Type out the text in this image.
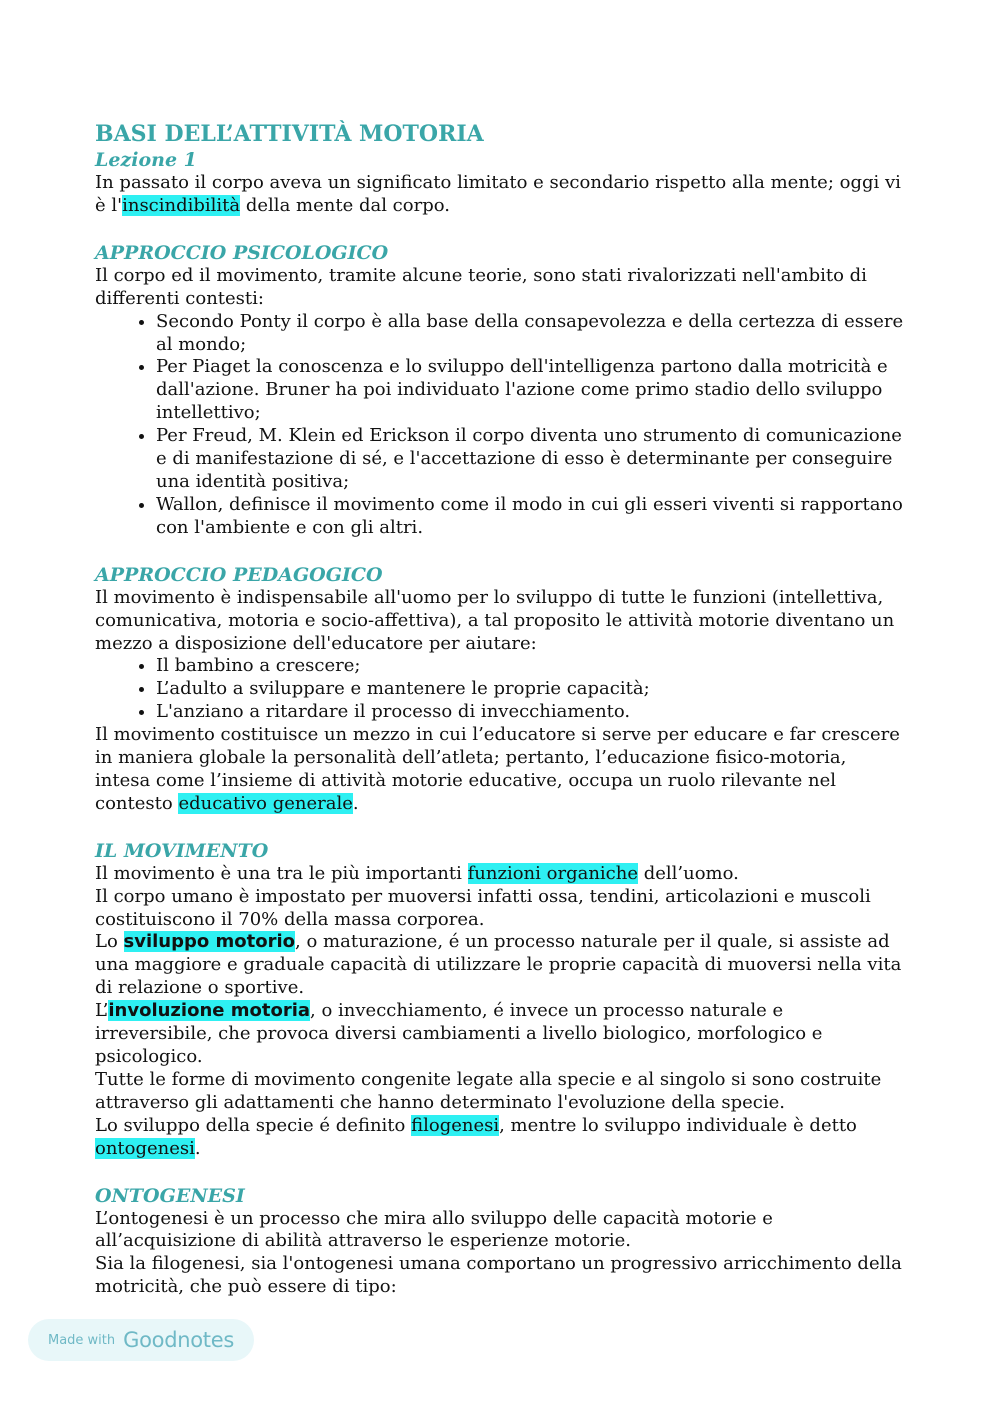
BASI DELL’ATTIVITÀ MOTORIA
Lezione 1

In passato il corpo aveva un significato limitato e secondario rispetto alla mente; oggi vi è l'inscindibilità della mente dal corpo.

APPROCCIO PSICOLOGICO

Il corpo ed il movimento, tramite alcune teorie, sono stati rivalorizzati nell'ambito di differenti contesti:

• Secondo Ponty il corpo è alla base della consapevolezza e della certezza di essere al mondo;
• Per Piaget la conoscenza e lo sviluppo dell'intelligenza partono dalla motricità e dall'azione. Bruner ha poi individuato l'azione come primo stadio dello sviluppo intellettivo;
• Per Freud, M. Klein ed Erickson il corpo diventa uno strumento di comunicazione e di manifestazione di sé, e l'accettazione di esso è determinante per conseguire una identità positiva;
• Wallon, definisce il movimento come il modo in cui gli esseri viventi si rapportano con l'ambiente e con gli altri.
APPROCCIO PEDAGOGICO

Il movimento è indispensabile all'uomo per lo sviluppo di tutte le funzioni (intellettiva, comunicativa, motoria e socio-affettiva), a tal proposito le attività motorie diventano un mezzo a disposizione dell'educatore per aiutare:

• Il bambino a crescere;
• L’adulto a sviluppare e mantenere le proprie capacità;
• L'anziano a ritardare il processo di invecchiamento.

Il movimento costituisce un mezzo in cui l’educatore si serve per educare e far crescere in maniera globale la personalità dell’atleta; pertanto, l’educazione fisico-motoria, intesa come l’insieme di attività motorie educative, occupa un ruolo rilevante nel contesto educativo generale.

IL MOVIMENTO

Il movimento è una tra le più importanti funzioni organiche dell’uomo.

Il corpo umano è impostato per muoversi infatti ossa, tendini, articolazioni e muscoli costituiscono il 70% della massa corporea.

Lo sviluppo motorio, o maturazione, é un processo naturale per il quale, si assiste ad una maggiore e graduale capacità di utilizzare le proprie capacità di muoversi nella vita di relazione o sportive.

L’involuzione motoria, o invecchiamento, é invece un processo naturale e irreversibile, che provoca diversi cambiamenti a livello biologico, morfologico e psicologico.

Tutte le forme di movimento congenite legate alla specie e al singolo si sono costruite attraverso gli adattamenti che hanno determinato l'evoluzione della specie.

Lo sviluppo della specie é definito filogenesi, mentre lo sviluppo individuale è detto ontogenesi.

ONTOGENESI

L’ontogenesi è un processo che mira allo sviluppo delle capacità motorie e all’acquisizione di abilità attraverso le esperienze motorie.

Sia la filogenesi, sia l'ontogenesi umana comportano un progressivo arricchimento della motricità, che può essere di tipo:

Made with Goodnotes
